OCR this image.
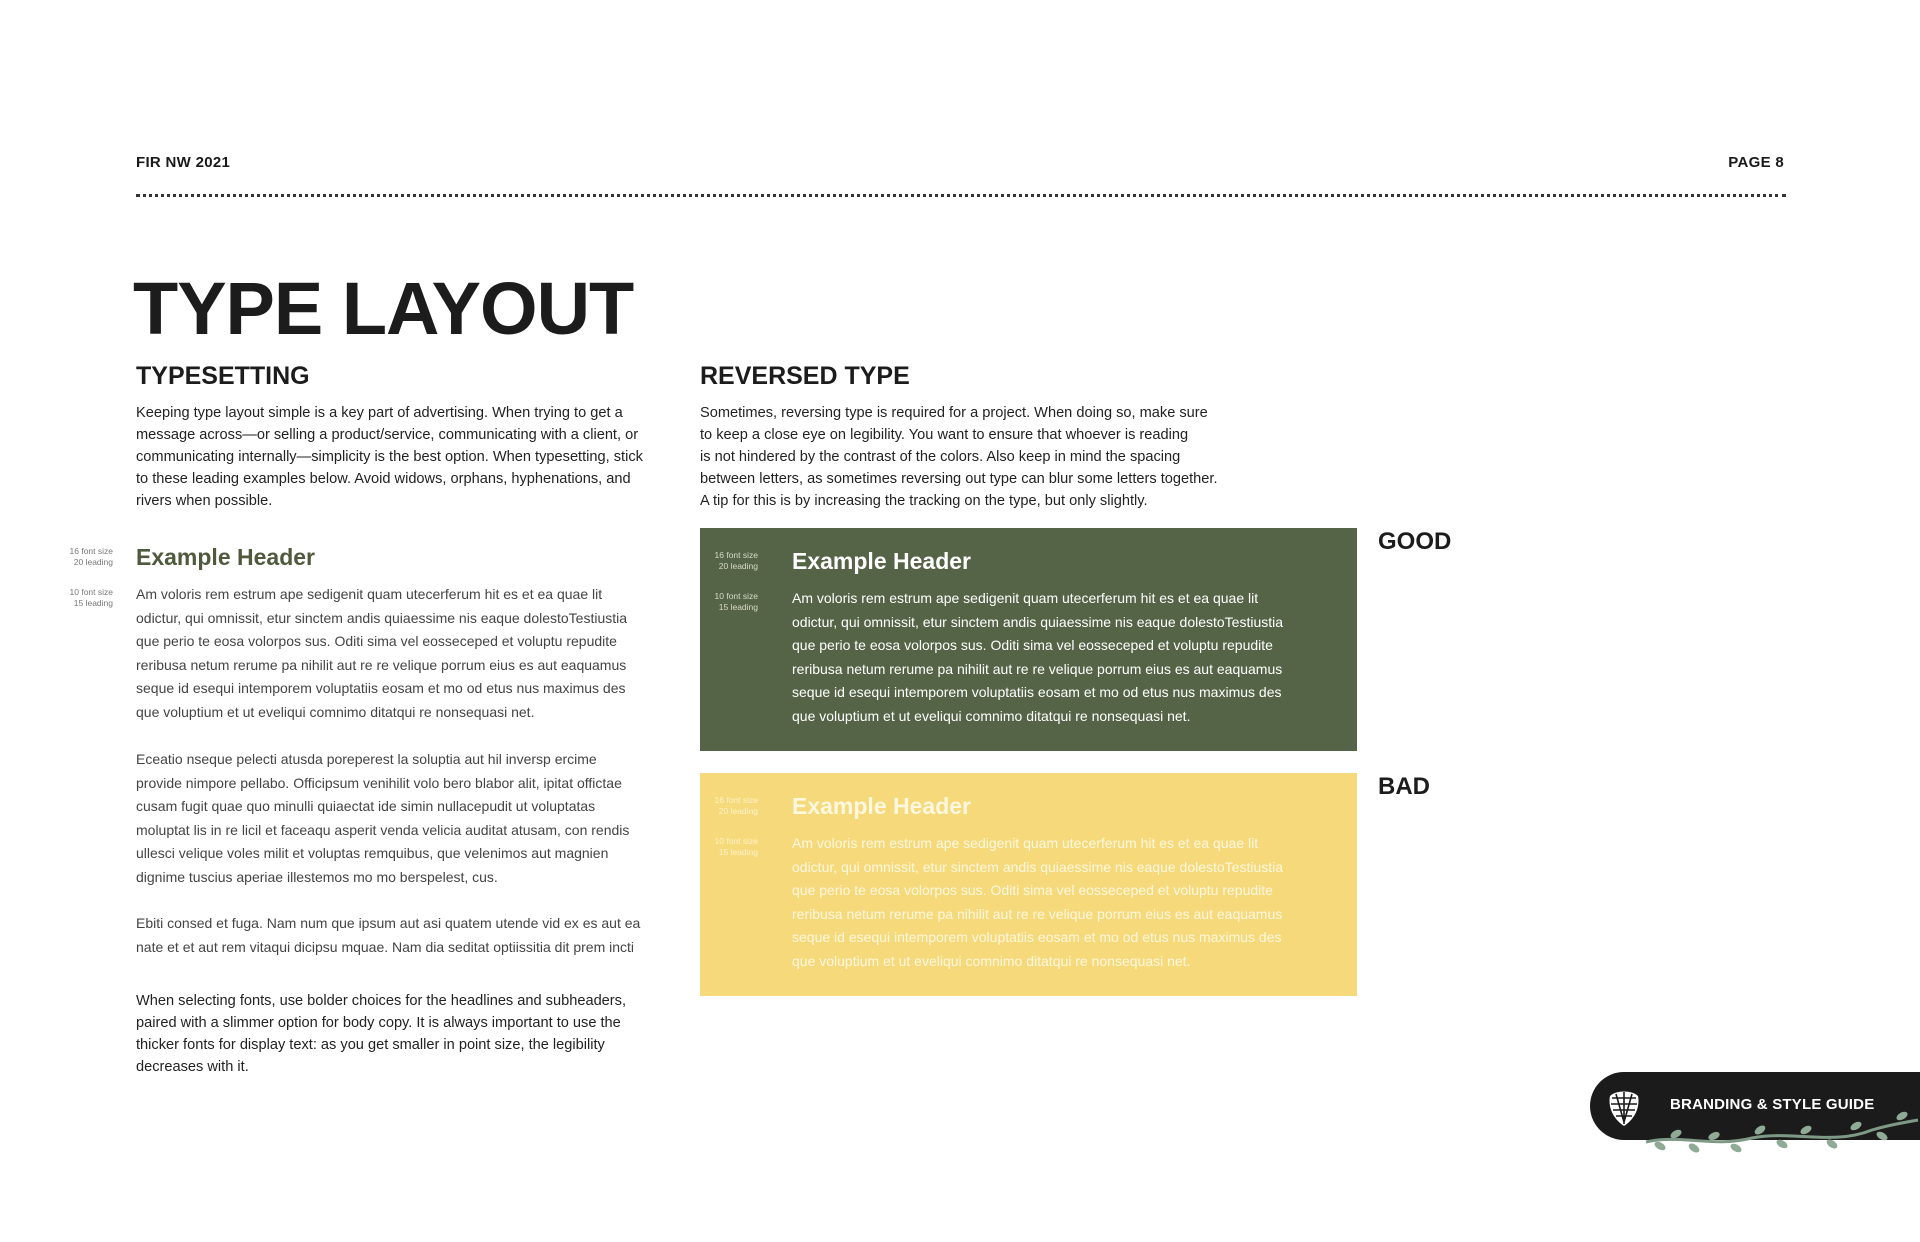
FIR NW 2021	PAGE 8
TYPE LAYOUT
TYPESETTING

Keeping type layout simple is a key part of advertising. When trying to get a

message across—or selling a product/service, communicating with a client, or

communicating internally—simplicity is the best option. When typesetting, stick

to these leading examples below. Avoid widows, orphans, hyphenations, and

rivers when possible.

16 font size
20 leading
10 font size
15 leading
Example Header

Am voloris rem estrum ape sedigenit quam utecerferum hit es et ea quae lit

odictur, qui omnissit, etur sinctem andis quiaessime nis eaque dolestoTestiustia

que perio te eosa volorpos sus. Oditi sima vel eosseceped et voluptu repudite

reribusa netum rerume pa nihilit aut re re velique porrum eius es aut eaquamus

seque id esequi intemporem voluptatiis eosam et mo od etus nus maximus des

que voluptium et ut eveliqui comnimo ditatqui re nonsequasi net.

Eceatio nseque pelecti atusda poreperest la soluptia aut hil inversp ercime

provide nimpore pellabo. Officipsum venihilit volo bero blabor alit, ipitat offictae

cusam fugit quae quo minulli quiaectat ide simin nullacepudit ut voluptatas

moluptat lis in re licil et faceaqu asperit venda velicia auditat atusam, con rendis

ullesci velique voles milit et voluptas remquibus, que velenimos aut magnien

dignime tuscius aperiae illestemos mo mo berspelest, cus.

Ebiti consed et fuga. Nam num que ipsum aut asi quatem utende vid ex es aut ea

nate et et aut rem vitaqui dicipsu mquae. Nam dia seditat optiissitia dit prem incti

When selecting fonts, use bolder choices for the headlines and subheaders,

paired with a slimmer option for body copy. It is always important to use the

thicker fonts for display text: as you get smaller in point size, the legibility

decreases with it.

REVERSED TYPE

Sometimes, reversing type is required for a project. When doing so, make sure

to keep a close eye on legibility. You want to ensure that whoever is reading

is not hindered by the contrast of the colors. Also keep in mind the spacing

between letters, as sometimes reversing out type can blur some letters together.

A tip for this is by increasing the tracking on the type, but only slightly.

16 font size
20 leading
10 font size
15 leading
Example Header

Am voloris rem estrum ape sedigenit quam utecerferum hit es et ea quae lit

odictur, qui omnissit, etur sinctem andis quiaessime nis eaque dolestoTestiustia

que perio te eosa volorpos sus. Oditi sima vel eosseceped et voluptu repudite

reribusa netum rerume pa nihilit aut re re velique porrum eius es aut eaquamus

seque id esequi intemporem voluptatiis eosam et mo od etus nus maximus des

que voluptium et ut eveliqui comnimo ditatqui re nonsequasi net.

GOOD
16 font size
20 leading
10 font size
15 leading
Example Header

Am voloris rem estrum ape sedigenit quam utecerferum hit es et ea quae lit

odictur, qui omnissit, etur sinctem andis quiaessime nis eaque dolestoTestiustia

que perio te eosa volorpos sus. Oditi sima vel eosseceped et voluptu repudite

reribusa netum rerume pa nihilit aut re re velique porrum eius es aut eaquamus

seque id esequi intemporem voluptatiis eosam et mo od etus nus maximus des

que voluptium et ut eveliqui comnimo ditatqui re nonsequasi net.

BAD
BRANDING & STYLE GUIDE
